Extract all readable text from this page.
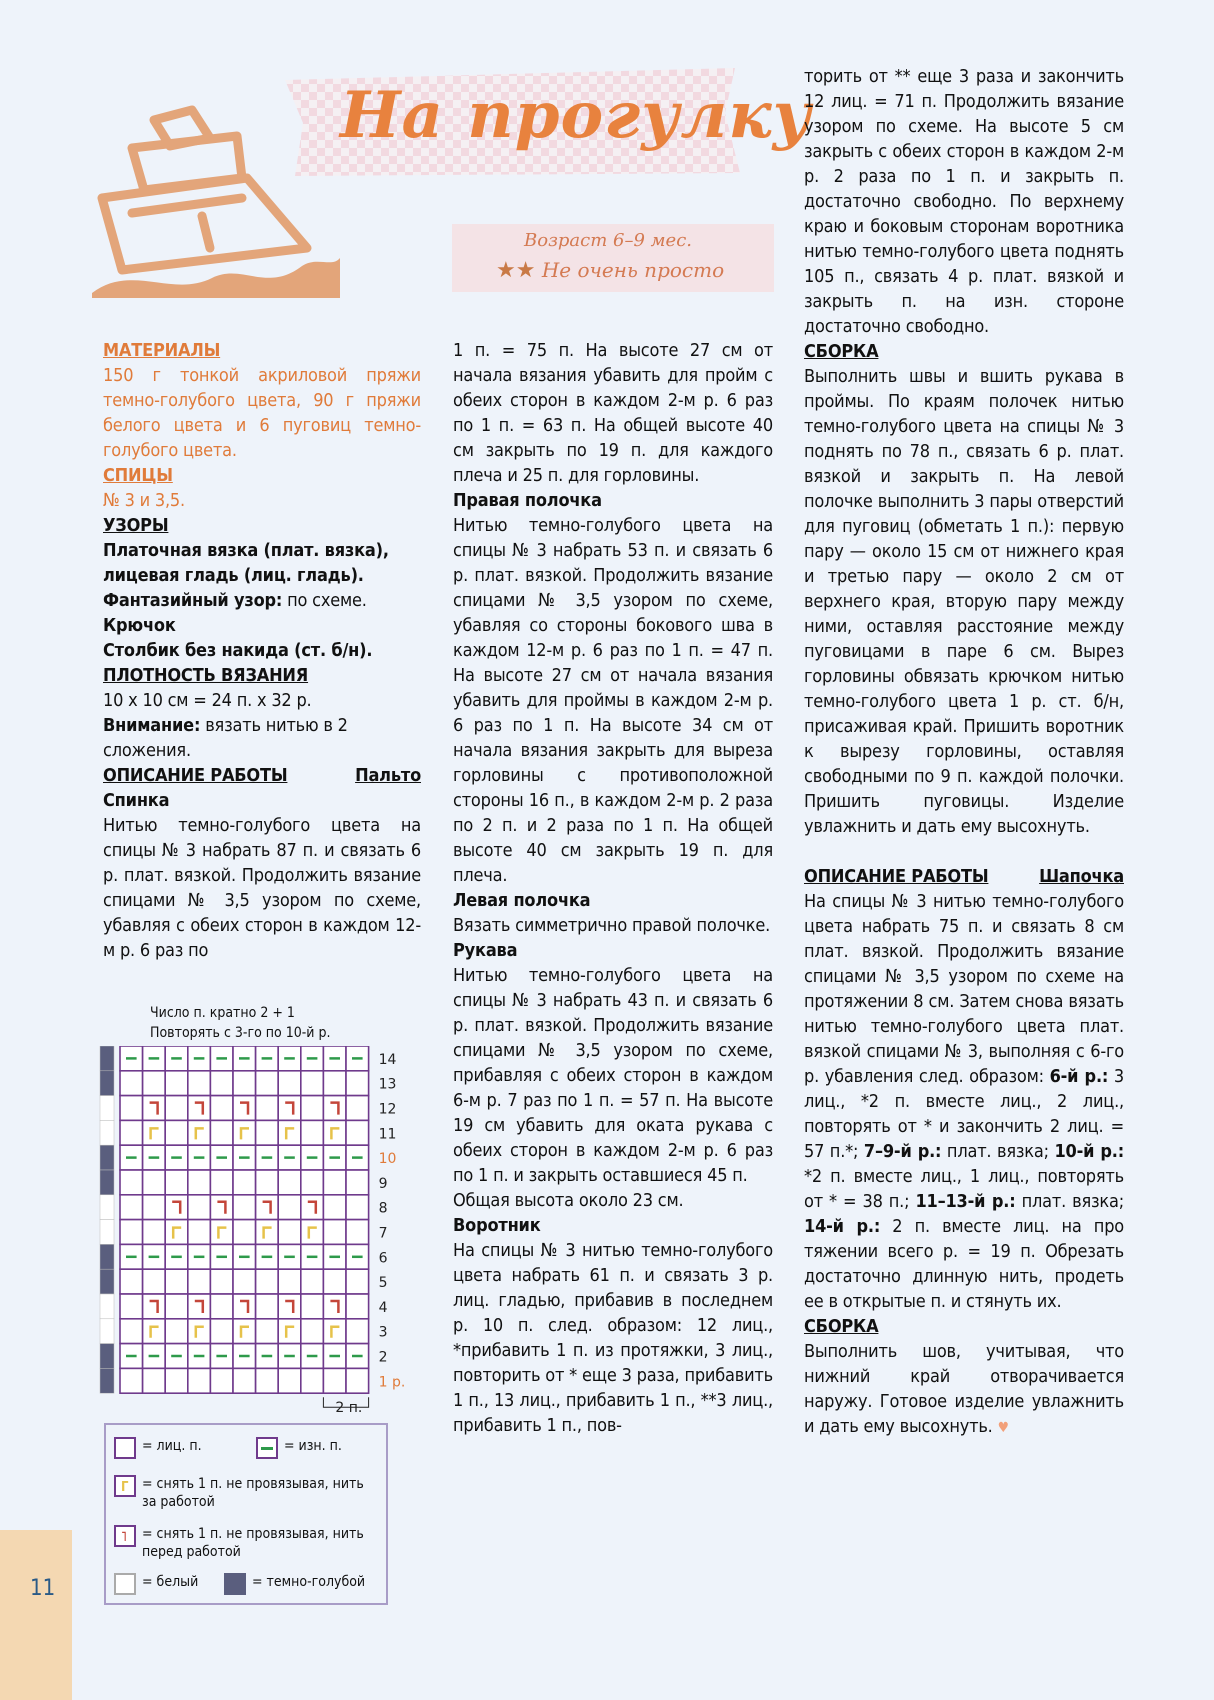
На прогулку
Возраст 6–9 мес.
★★ Не очень просто

МАТЕРИАЛЫ

150 г тонкой акриловой пряжи темно-голубого цвета, 90 г пряжи белого цвета и 6 пуговиц темно-голубого цвета.

СПИЦЫ

№ 3 и 3,5.

УЗОРЫ

Платочная вязка (плат. вязка), лицевая гладь (лиц. гладь).

Фантазийный узор: по схеме.

Крючок

Столбик без накида (ст. б/н).

ПЛОТНОСТЬ ВЯЗАНИЯ

10 x 10 см = 24 п. x 32 р.

Внимание: вязать нитью в 2 сложения.

ОПИСАНИЕ РАБОТЫ	Пальто

Спинка

Нитью темно-голубого цвета на спицы № 3 набрать 87 п. и связать 6 р. плат. вязкой. Продолжить вязание спицами № 3,5 узором по схеме, убавляя с обеих сторон в каждом 12-м р. 6 раз по

Число п. кратно 2 + 1
Повторять с 3-го по 10-й р.
14
13
12
11
10
9
8
7
6
5
4
3
2
1 р.
2 п.
= лиц. п.	= изн. п.
Γ = снять 1 п. не провязывая, нить за работой
˥ = снять 1 п. не провязывая, нить перед работой
= белый	= темно-голубой

1 п. = 75 п. На высоте 27 см от начала вязания убавить для пройм с обеих сторон в каждом 2-м р. 6 раз по 1 п. = 63 п. На общей высоте 40 см закрыть по 19 п. для каждого плеча и 25 п. для горловины.

Правая полочка

Нитью темно-голубого цвета на спицы № 3 набрать 53 п. и связать 6 р. плат. вязкой. Продолжить вязание спицами № 3,5 узором по схеме, убавляя со стороны бокового шва в каждом 12-м р. 6 раз по 1 п. = 47 п. На высоте 27 см от начала вязания убавить для проймы в каждом 2-м р. 6 раз по 1 п. На высоте 34 см от начала вязания закрыть для выреза горловины с противоположной стороны 16 п., в каждом 2-м р. 2 раза по 2 п. и 2 раза по 1 п. На общей высоте 40 см закрыть 19 п. для плеча.

Левая полочка

Вязать симметрично правой полочке.

Рукава

Нитью темно-голубого цвета на спицы № 3 набрать 43 п. и связать 6 р. плат. вязкой. Продолжить вязание спицами № 3,5 узором по схеме, прибавляя с обеих сторон в каждом 6-м р. 7 раз по 1 п. = 57 п. На высоте 19 см убавить для оката рукава с обеих сторон в каждом 2-м р. 6 раз по 1 п. и закрыть оставшиеся 45 п.

Общая высота около 23 см.

Воротник

На спицы № 3 нитью темно-голубого цвета набрать 61 п. и связать 3 р. лиц. гладью, прибавив в последнем р. 10 п. след. образом: 12 лиц., *прибавить 1 п. из протяжки, 3 лиц., повторить от * еще 3 раза, прибавить 1 п., 13 лиц., прибавить 1 п., **3 лиц., прибавить 1 п., пов-

торить от ** еще 3 раза и закончить 12 лиц. = 71 п. Продолжить вязание узором по схеме. На высоте 5 см закрыть с обеих сторон в каждом 2-м р. 2 раза по 1 п. и закрыть п. достаточно свободно. По верхнему краю и боковым сторонам воротника нитью темно-голубого цвета поднять 105 п., связать 4 р. плат. вязкой и закрыть п. на изн. стороне достаточно свободно.

СБОРКА

Выполнить швы и вшить рукава в проймы. По краям полочек нитью темно-голубого цвета на спицы № 3 поднять по 78 п., связать 6 р. плат. вязкой и закрыть п. На левой полочке выполнить 3 пары отверстий для пуговиц (обметать 1 п.): первую пару — около 15 см от нижнего края и третью пару — около 2 см от верхнего края, вторую пару между ними, оставляя расстояние между пуговицами в паре 6 см. Вырез горловины обвязать крючком нитью темно-голубого цвета 1 р. ст. б/н, присаживая край. Пришить воротник к вырезу горловины, оставляя свободными по 9 п. каждой полочки. Пришить пуговицы. Изделие увлажнить и дать ему высохнуть.

ОПИСАНИЕ РАБОТЫ	Шапочка

На спицы № 3 нитью темно-голубого цвета набрать 75 п. и связать 8 см плат. вязкой. Продолжить вязание спицами № 3,5 узором по схеме на протяжении 8 см. Затем снова вязать нитью темно-голубого цвета плат. вязкой спицами № 3, выполняя с 6-го р. убавления след. образом: 6-й р.: 3 лиц., *2 п. вместе лиц., 2 лиц., повторять от * и закончить 2 лиц. = 57 п.*; 7–9-й р.: плат. вязка; 10-й р.: *2 п. вместе лиц., 1 лиц., повторять от * = 38 п.; 11–13-й р.: плат. вязка; 14-й р.: 2 п. вместе лиц. на про тяжении всего р. = 19 п. Обрезать достаточно длинную нить, продеть ее в открытые п. и стянуть их.

СБОРКА

Выполнить шов, учитывая, что нижний край отворачивается наружу. Готовое изделие увлажнить и дать ему высохнуть. ♥

11
